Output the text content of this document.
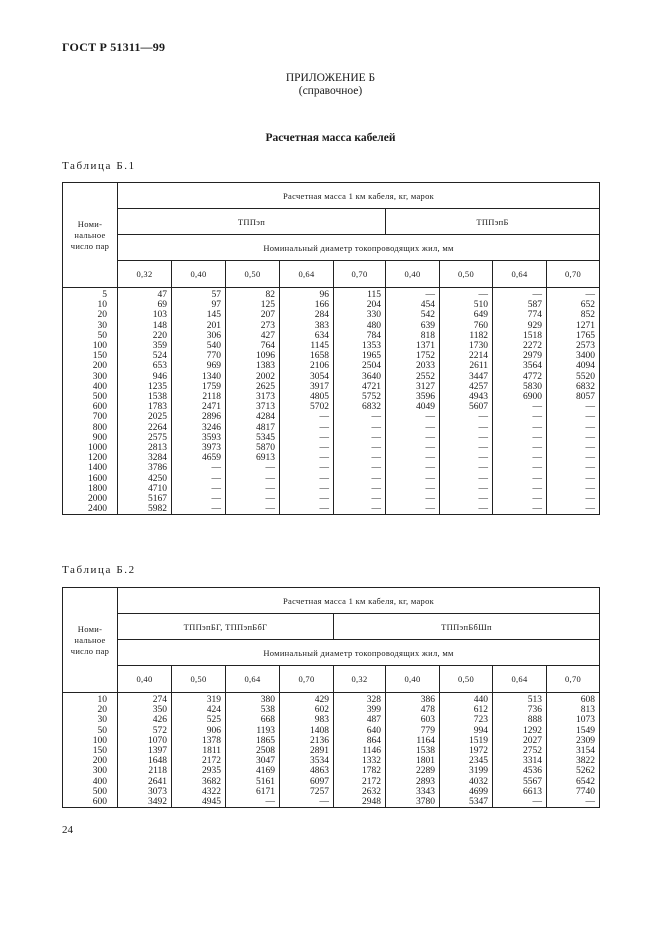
ГОСТ Р 51311—99
ПРИЛОЖЕНИЕ Б
(справочное)
Расчетная масса кабелей
Таблица Б.1
Номи-
нальное
число пар	Расчетная масса 1 км кабеля, кг, марок								
	ТППэп					ТППэпБ			
	Номинальный диаметр токопроводящих жил, мм								
	0,32	0,40	0,50	0,64	0,70	0,40	0,50	0,64	0,70
5	47	57	82	96	115	—	—	—	—
10	69	97	125	166	204	454	510	587	652
20	103	145	207	284	330	542	649	774	852
30	148	201	273	383	480	639	760	929	1271
50	220	306	427	634	784	818	1182	1518	1765
100	359	540	764	1145	1353	1371	1730	2272	2573
150	524	770	1096	1658	1965	1752	2214	2979	3400
200	653	969	1383	2106	2504	2033	2611	3564	4094
300	946	1340	2002	3054	3640	2552	3447	4772	5520
400	1235	1759	2625	3917	4721	3127	4257	5830	6832
500	1538	2118	3173	4805	5752	3596	4943	6900	8057
600	1783	2471	3713	5702	6832	4049	5607	—	—
700	2025	2896	4284	—	—	—	—	—	—
800	2264	3246	4817	—	—	—	—	—	—
900	2575	3593	5345	—	—	—	—	—	—
1000	2813	3973	5870	—	—	—	—	—	—
1200	3284	4659	6913	—	—	—	—	—	—
1400	3786	—	—	—	—	—	—	—	—
1600	4250	—	—	—	—	—	—	—	—
1800	4710	—	—	—	—	—	—	—	—
2000	5167	—	—	—	—	—	—	—	—
2400	5982	—	—	—	—	—	—	—	—
Таблица Б.2
Номи-
нальное
число пар	Расчетная масса 1 км кабеля, кг, марок								
	ТППэпБГ, ТППэпБбГ				ТППэпБбШп				
	Номинальный диаметр токопроводящих жил, мм								
	0,40	0,50	0,64	0,70	0,32	0,40	0,50	0,64	0,70
10	274	319	380	429	328	386	440	513	608
20	350	424	538	602	399	478	612	736	813
30	426	525	668	983	487	603	723	888	1073
50	572	906	1193	1408	640	779	994	1292	1549
100	1070	1378	1865	2136	864	1164	1519	2027	2309
150	1397	1811	2508	2891	1146	1538	1972	2752	3154
200	1648	2172	3047	3534	1332	1801	2345	3314	3822
300	2118	2935	4169	4863	1782	2289	3199	4536	5262
400	2641	3682	5161	6097	2172	2893	4032	5567	6542
500	3073	4322	6171	7257	2632	3343	4699	6613	7740
600	3492	4945	—	—	2948	3780	5347	—	—
24
